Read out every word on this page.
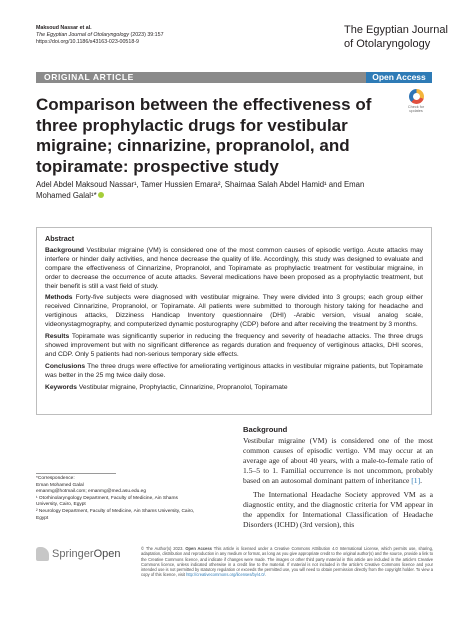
Maksoud Nassar et al.
The Egyptian Journal of Otolaryngology (2023) 39:157
https://doi.org/10.1186/s43163-023-00518-9
The Egyptian Journal of Otolaryngology
ORIGINAL ARTICLE	Open Access
Check for updates
Comparison between the effectiveness of three prophylactic drugs for vestibular migraine; cinnarizine, propranolol, and topiramate: prospective study
Adel Abdel Maksoud Nassar¹, Tamer Hussien Emara², Shaimaa Salah Abdel Hamid¹ and Eman Mohamed Galal¹*
Abstract
Background Vestibular migraine (VM) is considered one of the most common causes of episodic vertigo. Acute attacks may interfere or hinder daily activities, and hence decrease the quality of life. Accordingly, this study was designed to evaluate and compare the effectiveness of Cinnarizine, Propranolol, and Topiramate as prophylactic treatment for vestibular migraine, in order to decrease the occurrence of acute attacks. Several medications have been proposed as a prophylactic treatment, but their benefit is still a vast field of study.
Methods Forty-five subjects were diagnosed with vestibular migraine. They were divided into 3 groups; each group either received Cinnarizine, Propranolol, or Topiramate. All patients were submitted to thorough history taking for headache and vertiginous attacks, Dizziness Handicap Inventory questionnaire (DHI) -Arabic version, visual analog scale, videonystagmography, and computerized dynamic posturography (CDP) before and after receiving the treatment by 3 months.
Results Topiramate was significantly superior in reducing the frequency and severity of headache attacks. The three drugs showed improvement but with no significant difference as regards duration and frequency of vertiginous attacks, DHI scores, and CDP. Only 5 patients had non-serious temporary side effects.
Conclusions The three drugs were effective for ameliorating vertiginous attacks in vestibular migraine patients, but Topiramate was better in the 25 mg twice daily dose.
Keywords Vestibular migraine, Prophylactic, Cinnarizine, Propranolol, Topiramate
*Correspondence:
Eman Mohamed Galal
emanmg@hotmail.com; emanmg@med.asu.edu.eg
¹ Otorhinolaryngology Department, Faculty of Medicine, Ain Shams
University, Cairo, Egypt
² Neurology Department, Faculty of Medicine, Ain Shams University, Cairo,
Egypt
Background

Vestibular migraine (VM) is considered one of the most common causes of episodic vertigo. VM may occur at an average age of about 40 years, with a male-to-female ratio of 1.5–5 to 1. Familial occurrence is not uncommon, probably based on an autosomal dominant pattern of inheritance [1].

The International Headache Society approved VM as a diagnostic entity, and the diagnostic criteria for VM appear in the appendix for International Classification of Headache Disorders (ICHD) (3rd version), this

SpringerOpen	© The Author(s) 2023. Open Access This article is licensed under a Creative Commons Attribution 4.0 International License, which permits use, sharing, adaptation, distribution and reproduction in any medium or format, as long as you give appropriate credit to the original author(s) and the source, provide a link to the Creative Commons licence, and indicate if changes were made. The images or other third party material in this article are included in the article's Creative Commons licence, unless indicated otherwise in a credit line to the material. If material is not included in the article's Creative Commons licence and your intended use is not permitted by statutory regulation or exceeds the permitted use, you will need to obtain permission directly from the copyright holder. To view a copy of this licence, visit http://creativecommons.org/licenses/by/4.0/.
